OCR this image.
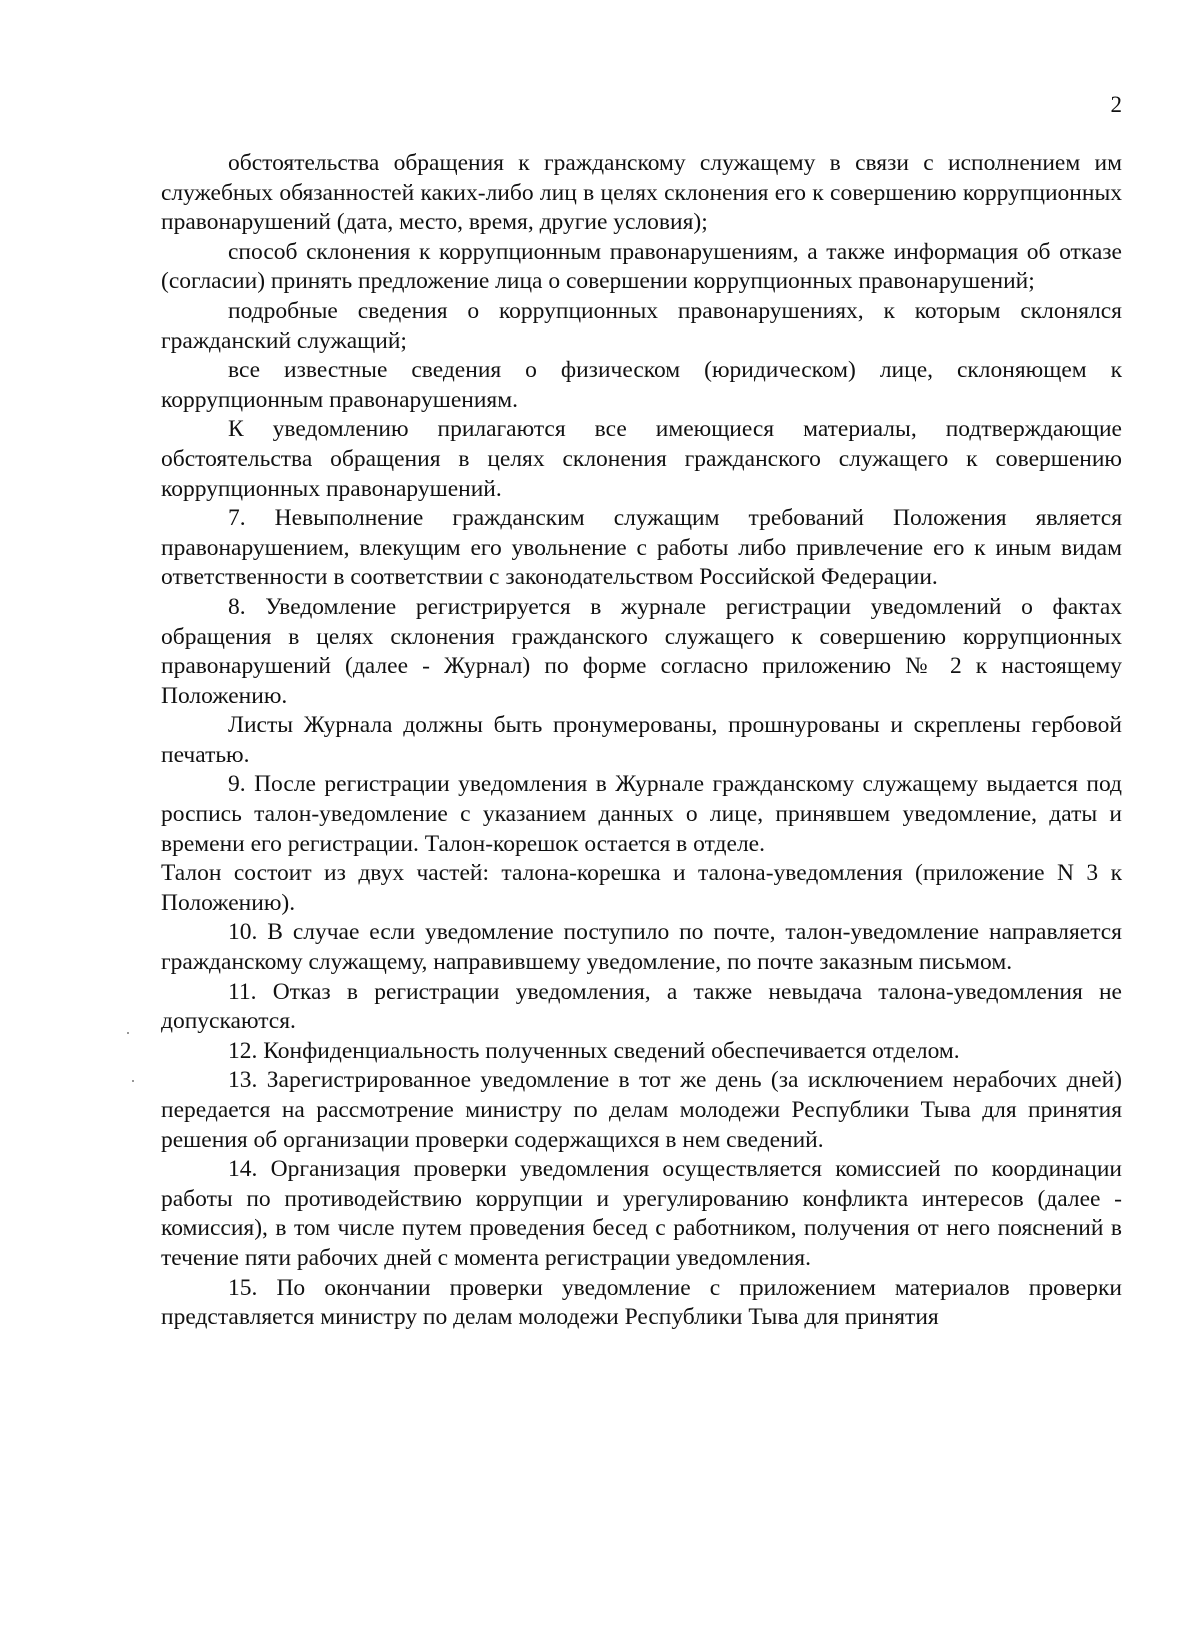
2

обстоятельства обращения к гражданскому служащему в связи с исполнением им служебных обязанностей каких-либо лиц в целях склонения его к совершению коррупционных правонарушений (дата, место, время, другие условия);

способ склонения к коррупционным правонарушениям, а также информация об отказе (согласии) принять предложение лица о совершении коррупционных правонарушений;

подробные сведения о коррупционных правонарушениях, к которым склонялся гражданский служащий;

все известные сведения о физическом (юридическом) лице, склоняющем к коррупционным правонарушениям.

К уведомлению прилагаются все имеющиеся материалы, подтверждающие обстоятельства обращения в целях склонения гражданского служащего к совершению коррупционных правонарушений.

7. Невыполнение гражданским служащим требований Положения является правонарушением, влекущим его увольнение с работы либо привлечение его к иным видам ответственности в соответствии с законодательством Российской Федерации.

8. Уведомление регистрируется в журнале регистрации уведомлений о фактах обращения в целях склонения гражданского служащего к совершению коррупционных правонарушений (далее - Журнал) по форме согласно приложению № 2 к настоящему Положению.

Листы Журнала должны быть пронумерованы, прошнурованы и скреплены гербовой печатью.

9. После регистрации уведомления в Журнале гражданскому служащему выдается под роспись талон-уведомление с указанием данных о лице, принявшем уведомление, даты и времени его регистрации. Талон-корешок остается в отделе.

Талон состоит из двух частей: талона-корешка и талона-уведомления (приложение N 3 к Положению).

10. В случае если уведомление поступило по почте, талон-уведомление направляется гражданскому служащему, направившему уведомление, по почте заказным письмом.

11. Отказ в регистрации уведомления, а также невыдача талона-уведомления не допускаются.

12. Конфиденциальность полученных сведений обеспечивается отделом.

13. Зарегистрированное уведомление в тот же день (за исключением нерабочих дней) передается на рассмотрение министру по делам молодежи Республики Тыва для принятия решения об организации проверки содержащихся в нем сведений.

14. Организация проверки уведомления осуществляется комиссией по координации работы по противодействию коррупции и урегулированию конфликта интересов (далее - комиссия), в том числе путем проведения бесед с работником, получения от него пояснений в течение пяти рабочих дней с момента регистрации уведомления.

15. По окончании проверки уведомление с приложением материалов проверки представляется министру по делам молодежи Республики Тыва для принятия
